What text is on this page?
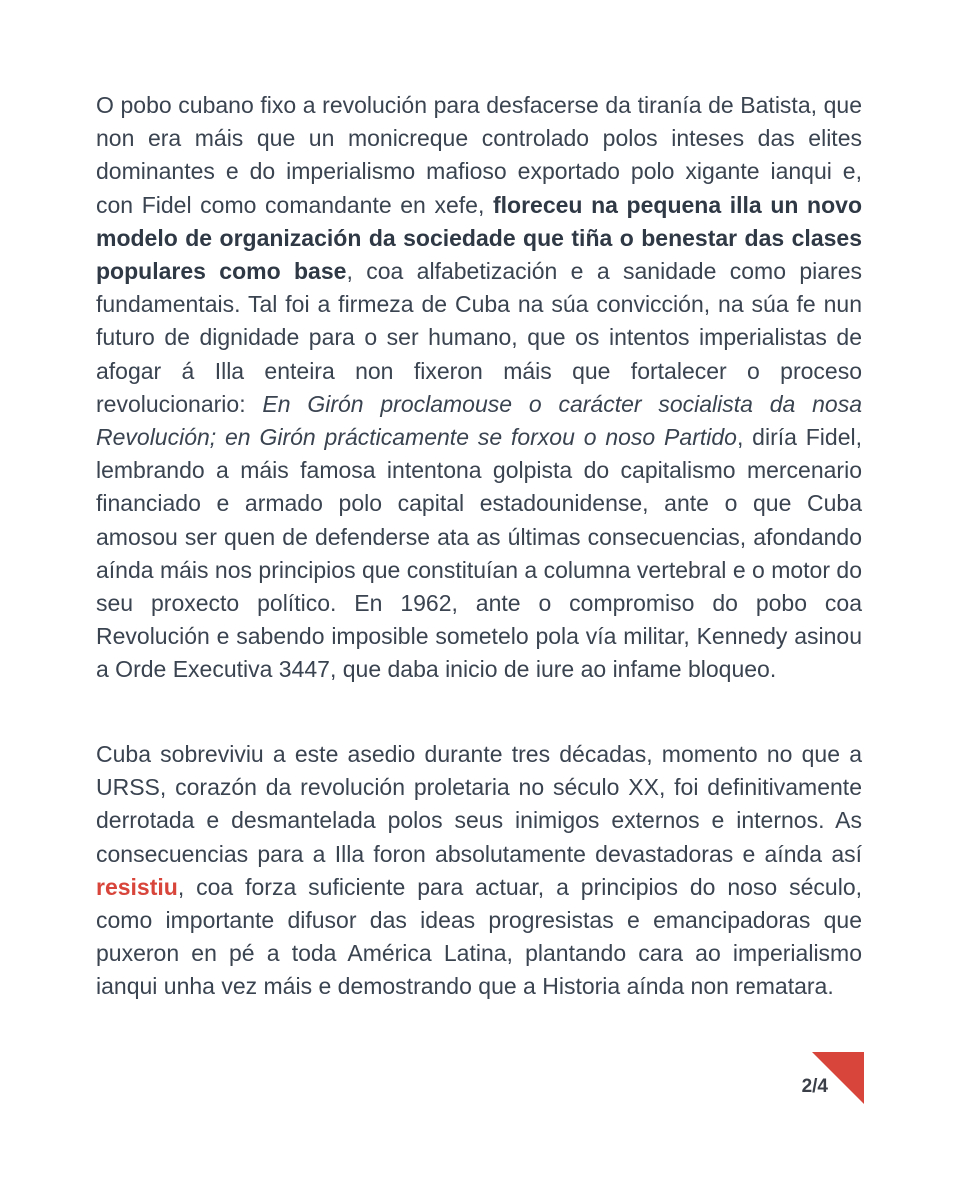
O pobo cubano fixo a revolución para desfacerse da tiranía de Batista, que non era máis que un monicreque controlado polos inteses das elites dominantes e do imperialismo mafioso exportado polo xigante ianqui e, con Fidel como comandante en xefe, floreceu na pequena illa un novo modelo de organización da sociedade que tiña o benestar das clases populares como base, coa alfabetización e a sanidade como piares fundamentais. Tal foi a firmeza de Cuba na súa convicción, na súa fe nun futuro de dignidade para o ser humano, que os intentos imperialistas de afogar á Illa enteira non fixeron máis que fortalecer o proceso revolucionario: En Girón proclamouse o carácter socialista da nosa Revolución; en Girón prácticamente se forxou o noso Partido, diría Fidel, lembrando a máis famosa intentona golpista do capitalismo mercenario financiado e armado polo capital estadounidense, ante o que Cuba amosou ser quen de defenderse ata as últimas consecuencias, afondando aínda máis nos principios que constituían a columna vertebral e o motor do seu proxecto político. En 1962, ante o compromiso do pobo coa Revolución e sabendo imposible sometelo pola vía militar, Kennedy asinou a Orde Executiva 3447, que daba inicio de iure ao infame bloqueo.

Cuba sobreviviu a este asedio durante tres décadas, momento no que a URSS, corazón da revolución proletaria no século XX, foi definitivamente derrotada e desmantelada polos seus inimigos externos e internos. As consecuencias para a Illa foron absolutamente devastadoras e aínda así resistiu, coa forza suficiente para actuar, a principios do noso século, como importante difusor das ideas progresistas e emancipadoras que puxeron en pé a toda América Latina, plantando cara ao imperialismo ianqui unha vez máis e demostrando que a Historia aínda non rematara.

2/4
